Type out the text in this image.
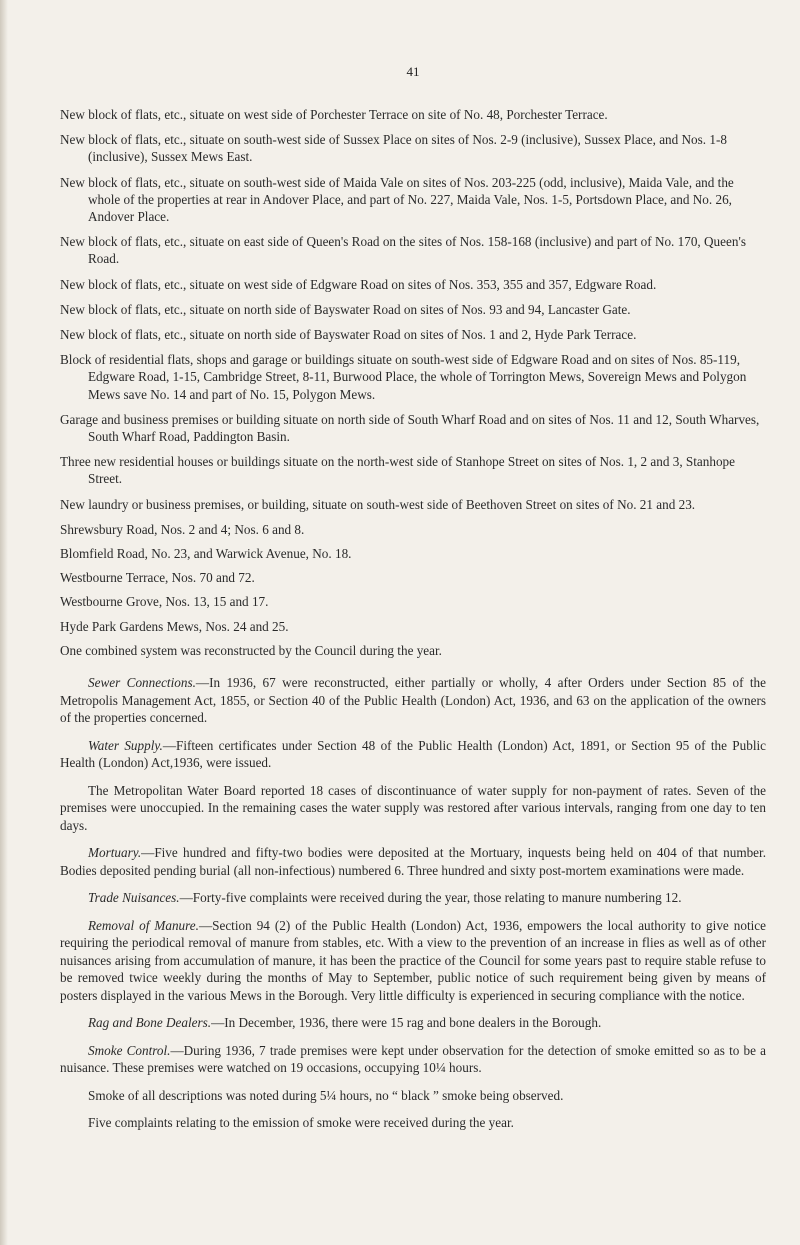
41

New block of flats, etc., situate on west side of Porchester Terrace on site of No. 48, Porchester Terrace.

New block of flats, etc., situate on south-west side of Sussex Place on sites of Nos. 2-9 (inclusive), Sussex Place, and Nos. 1-8 (inclusive), Sussex Mews East.

New block of flats, etc., situate on south-west side of Maida Vale on sites of Nos. 203-225 (odd, inclusive), Maida Vale, and the whole of the properties at rear in Andover Place, and part of No. 227, Maida Vale, Nos. 1-5, Portsdown Place, and No. 26, Andover Place.

New block of flats, etc., situate on east side of Queen's Road on the sites of Nos. 158-168 (inclusive) and part of No. 170, Queen's Road.

New block of flats, etc., situate on west side of Edgware Road on sites of Nos. 353, 355 and 357, Edgware Road.

New block of flats, etc., situate on north side of Bayswater Road on sites of Nos. 93 and 94, Lancaster Gate.

New block of flats, etc., situate on north side of Bayswater Road on sites of Nos. 1 and 2, Hyde Park Terrace.

Block of residential flats, shops and garage or buildings situate on south-west side of Edgware Road and on sites of Nos. 85-119, Edgware Road, 1-15, Cambridge Street, 8-11, Burwood Place, the whole of Torrington Mews, Sovereign Mews and Polygon Mews save No. 14 and part of No. 15, Polygon Mews.

Garage and business premises or building situate on north side of South Wharf Road and on sites of Nos. 11 and 12, South Wharves, South Wharf Road, Paddington Basin.

Three new residential houses or buildings situate on the north-west side of Stanhope Street on sites of Nos. 1, 2 and 3, Stanhope Street.

New laundry or business premises, or building, situate on south-west side of Beethoven Street on sites of No. 21 and 23.

Shrewsbury Road, Nos. 2 and 4; Nos. 6 and 8.

Blomfield Road, No. 23, and Warwick Avenue, No. 18.

Westbourne Terrace, Nos. 70 and 72.

Westbourne Grove, Nos. 13, 15 and 17.

Hyde Park Gardens Mews, Nos. 24 and 25.

One combined system was reconstructed by the Council during the year.

Sewer Connections.—In 1936, 67 were reconstructed, either partially or wholly, 4 after Orders under Section 85 of the Metropolis Management Act, 1855, or Section 40 of the Public Health (London) Act, 1936, and 63 on the application of the owners of the properties concerned.

Water Supply.—Fifteen certificates under Section 48 of the Public Health (London) Act, 1891, or Section 95 of the Public Health (London) Act,1936, were issued.

The Metropolitan Water Board reported 18 cases of discontinuance of water supply for non-payment of rates. Seven of the premises were unoccupied. In the remaining cases the water supply was restored after various intervals, ranging from one day to ten days.

Mortuary.—Five hundred and fifty-two bodies were deposited at the Mortuary, inquests being held on 404 of that number. Bodies deposited pending burial (all non-infectious) numbered 6. Three hundred and sixty post-mortem examinations were made.

Trade Nuisances.—Forty-five complaints were received during the year, those relating to manure numbering 12.

Removal of Manure.—Section 94 (2) of the Public Health (London) Act, 1936, empowers the local authority to give notice requiring the periodical removal of manure from stables, etc. With a view to the prevention of an increase in flies as well as of other nuisances arising from accumulation of manure, it has been the practice of the Council for some years past to require stable refuse to be removed twice weekly during the months of May to September, public notice of such requirement being given by means of posters displayed in the various Mews in the Borough. Very little difficulty is experienced in securing compliance with the notice.

Rag and Bone Dealers.—In December, 1936, there were 15 rag and bone dealers in the Borough.

Smoke Control.—During 1936, 7 trade premises were kept under observation for the detection of smoke emitted so as to be a nuisance. These premises were watched on 19 occasions, occupying 10¼ hours.

Smoke of all descriptions was noted during 5¼ hours, no “ black ” smoke being observed.

Five complaints relating to the emission of smoke were received during the year.
